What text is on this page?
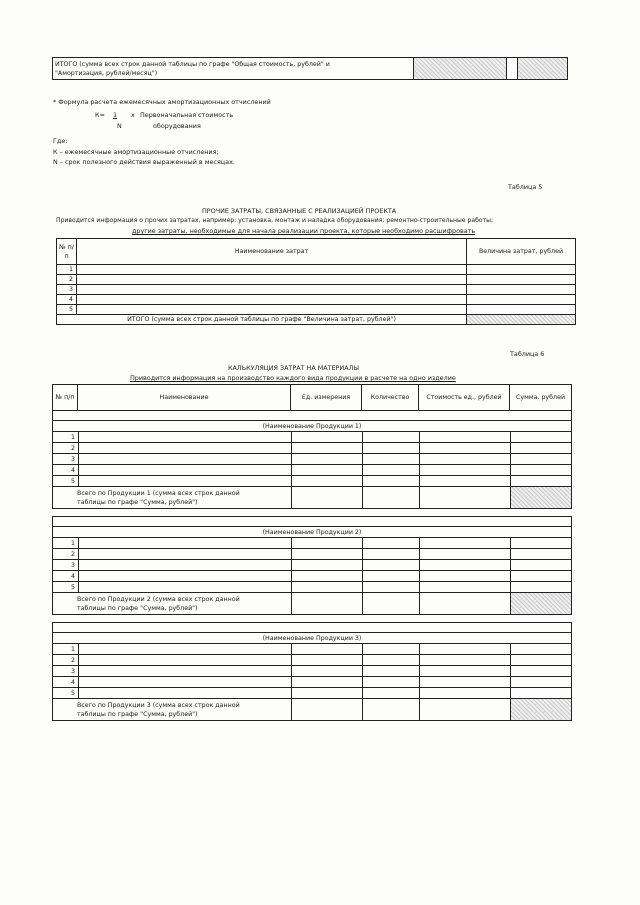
ИТОГО (сумма всех строк данной таблицы по графе "Общая стоимость, рублей" и
"Амортизация, рублей/месяц")

* Формула расчета ежемесячных амортизационных отчислений
К= 1 х Первоначальная стоимость
N	оборудования
Где:
К – ежемесячные амортизационные отчисления;
N – срок полезного действия выраженный в месяцах.
Таблица 5
ПРОЧИЕ ЗАТРАТЫ, СВЯЗАННЫЕ С РЕАЛИЗАЦИЕЙ ПРОЕКТА
Приводится информация о прочих затратах, например: установка, монтаж и наладка оборудования; ремонтно-строительные работы;
другие затраты, необходимые для начала реализации проекта, которые необходимо расшифровать
№ п/п	Наименование затрат	Величина затрат, рублей
1		
2		
3		
4		
5		
ИТОГО (сумма всех строк данной таблицы по графе "Величина затрат, рублей")		
Таблица 6
КАЛЬКУЛЯЦИЯ ЗАТРАТ НА МАТЕРИАЛЫ
Приводится информация на производство каждого вида продукции в расчете на одно изделие
№ п/п	Наименование	Ед. измерения	Количество	Стоимость ед., рублей	Сумма, рублей

(Наименование Продукции 1)					
1					
2					
3					
4					
5					

Всего по Продукции 1 (сумма всех строк данной
таблицы по графе "Сумма, рублей")					

(Наименование Продукции 2)					
1					
2					
3					
4					
5					

Всего по Продукции 2 (сумма всех строк данной
таблицы по графе "Сумма, рублей")					

(Наименование Продукции 3)					
1					
2					
3					
4					
5					

Всего по Продукции 3 (сумма всех строк данной
таблицы по графе "Сумма, рублей")					
